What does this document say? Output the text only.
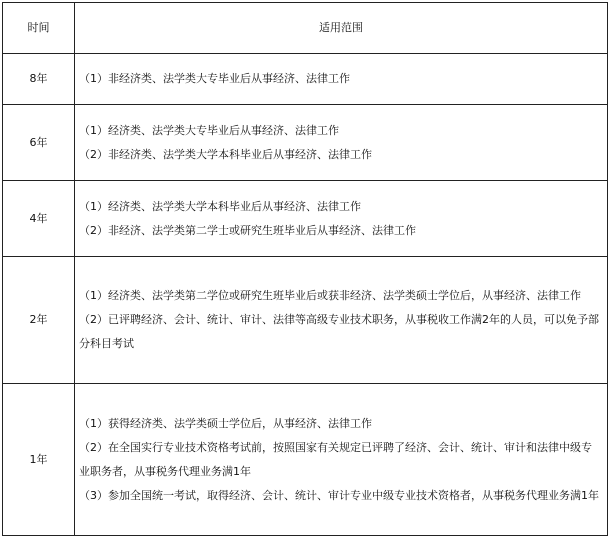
时间	适用范围
8年	（1）非经济类、法学类大专毕业后从事经济、法律工作

6年	（1）经济类、法学类大专毕业后从事经济、法律工作
（2）非经济类、法学类大学本科毕业后从事经济、法律工作

4年	（1）经济类、法学类大学本科毕业后从事经济、法律工作
（2）非经济、法学类第二学士或研究生班毕业后从事经济、法律工作

2年	（1）经济类、法学类第二学位或研究生班毕业后或获非经济、法学类硕士学位后，从事经济、法律工作
（2）已评聘经济、会计、统计、审计、法律等高级专业技术职务，从事税收工作满2年的人员，可以免予部分科目考试

1年	（1）获得经济类、法学类硕士学位后，从事经济、法律工作
（2）在全国实行专业技术资格考试前，按照国家有关规定已评聘了经济、会计、统计、审计和法律中级专业职务者，从事税务代理业务满1年
（3）参加全国统一考试，取得经济、会计、统计、审计专业中级专业技术资格者，从事税务代理业务满1年
